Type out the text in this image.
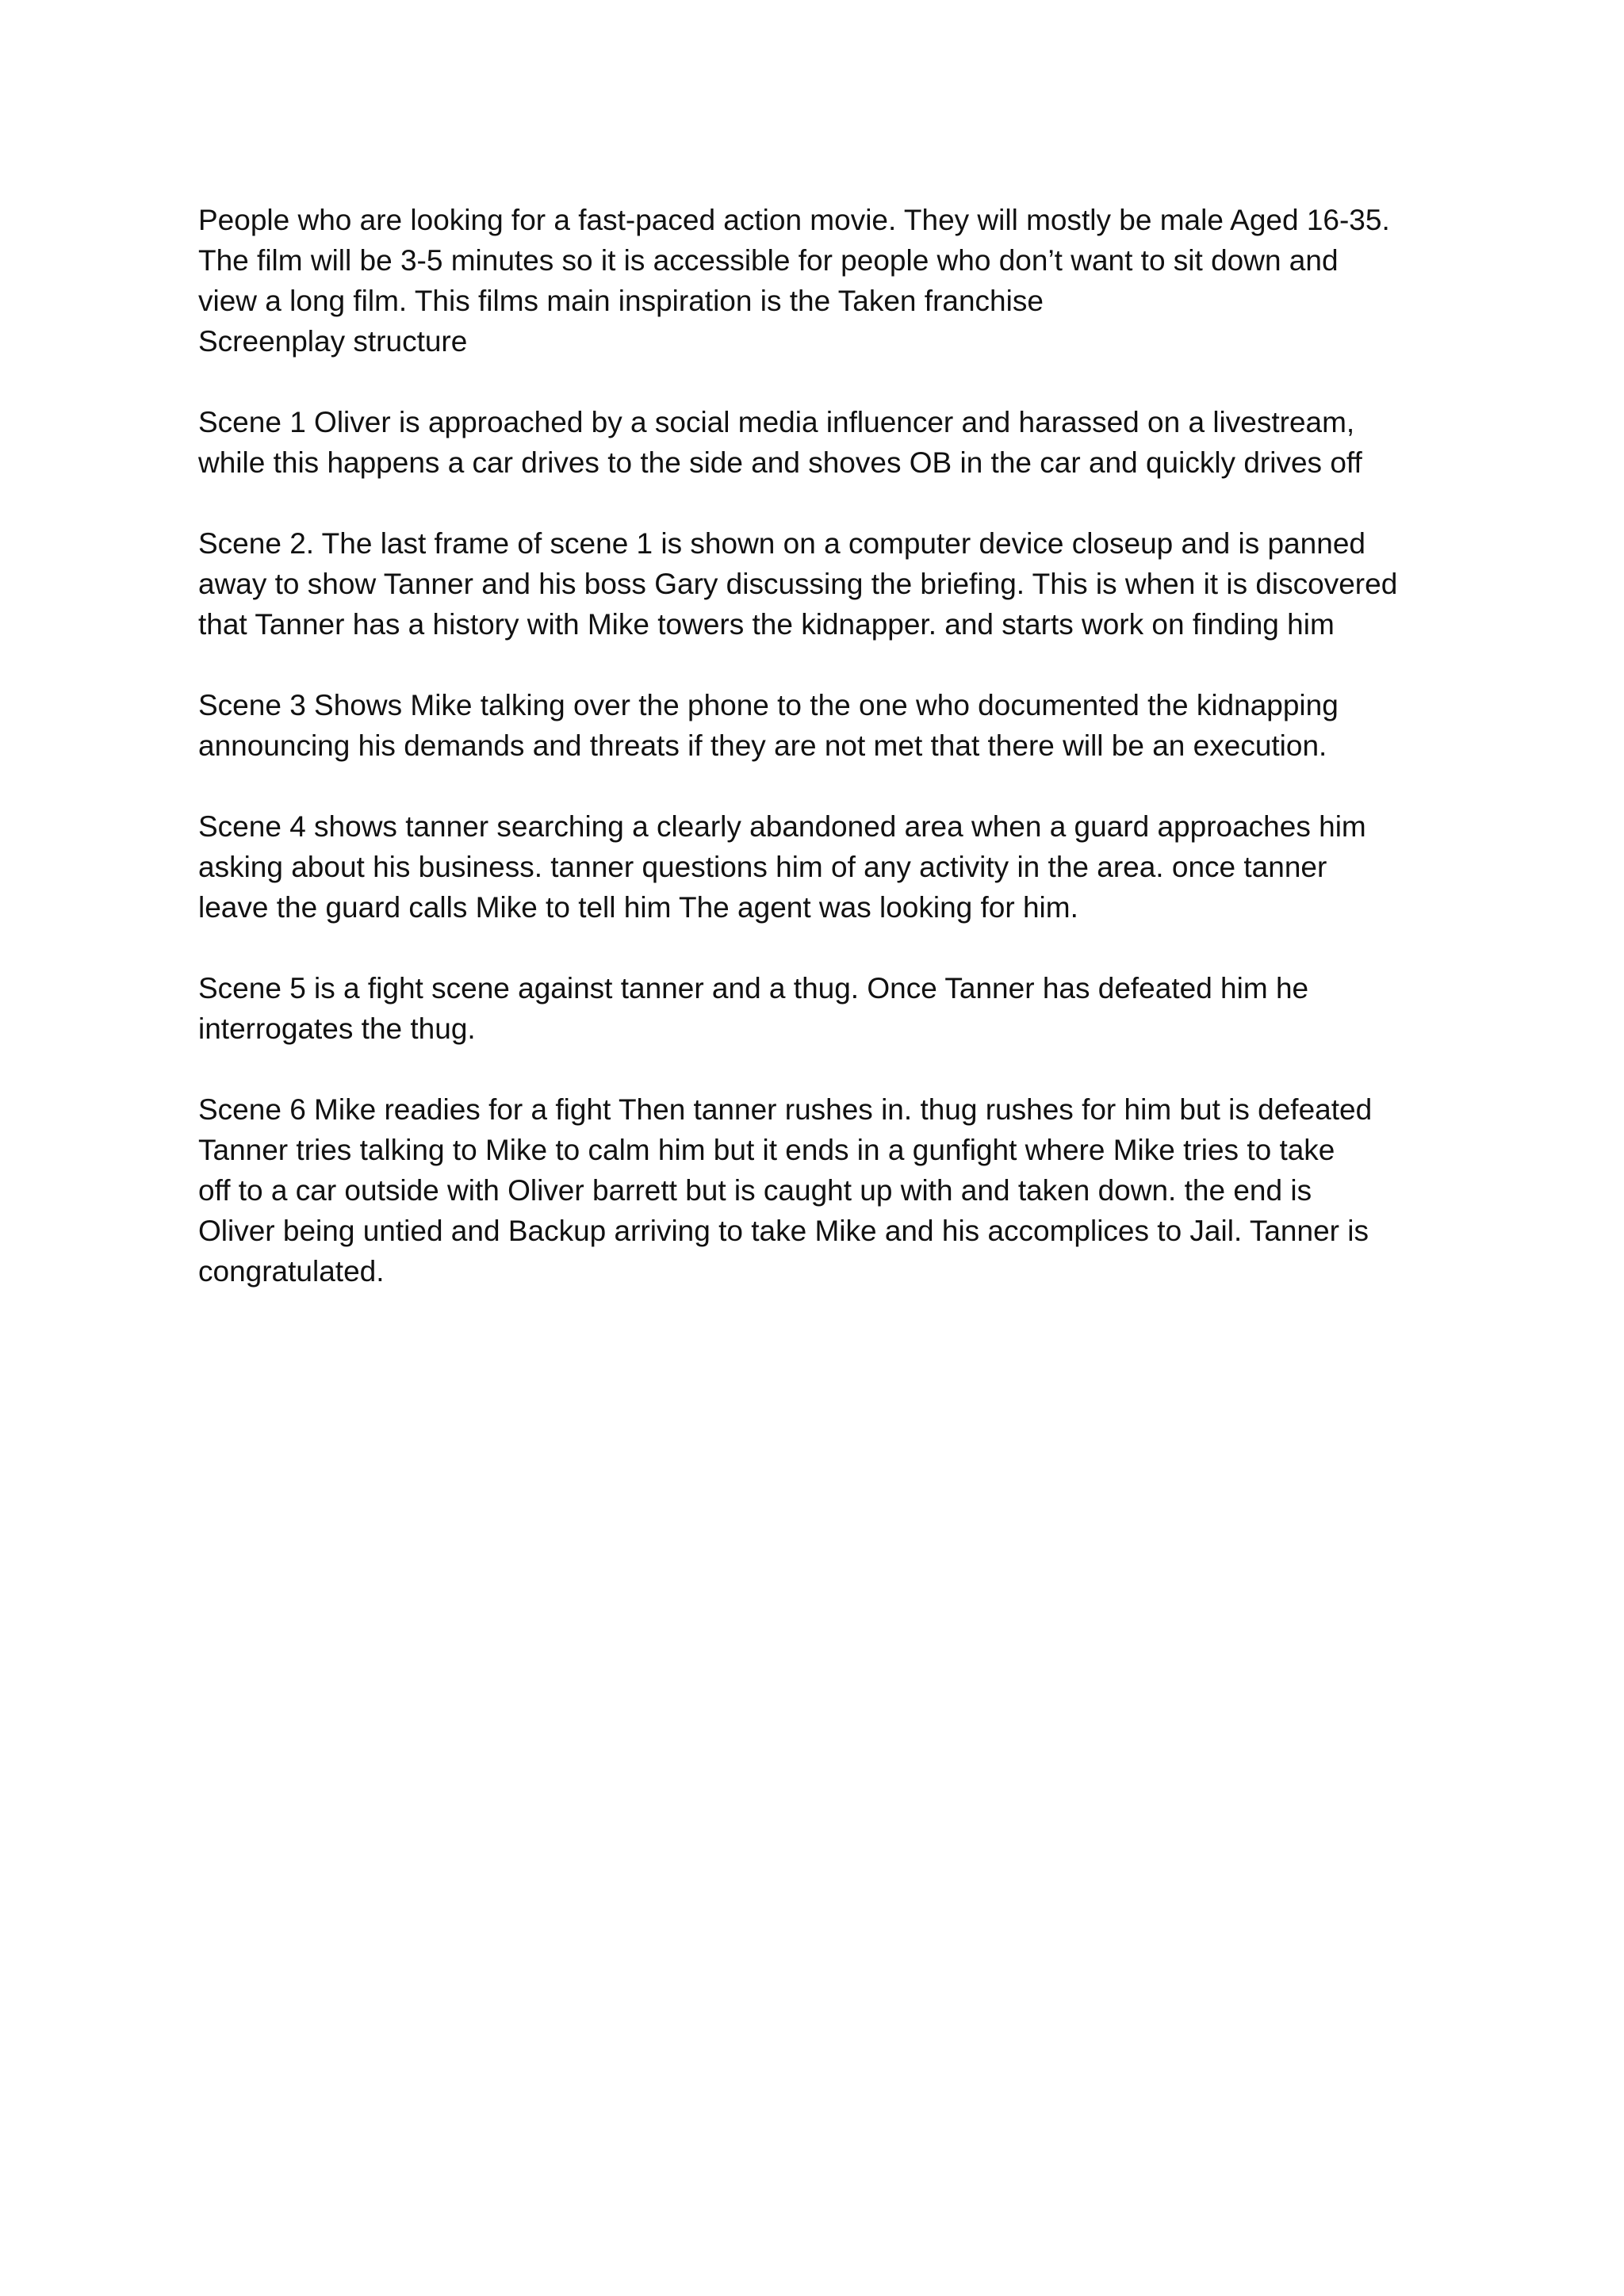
People who are looking for a fast-paced action movie. They will mostly be male Aged 16-35.
The film will be 3-5 minutes so it is accessible for people who don’t want to sit down and
view a long film. This films main inspiration is the Taken franchise
Screenplay structure
Scene 1 Oliver is approached by a social media influencer and harassed on a livestream,
while this happens a car drives to the side and shoves OB in the car and quickly drives off
Scene 2. The last frame of scene 1 is shown on a computer device closeup and is panned
away to show Tanner and his boss Gary discussing the briefing. This is when it is discovered
that Tanner has a history with Mike towers the kidnapper. and starts work on finding him
Scene 3 Shows Mike talking over the phone to the one who documented the kidnapping
announcing his demands and threats if they are not met that there will be an execution.
Scene 4 shows tanner searching a clearly abandoned area when a guard approaches him
asking about his business. tanner questions him of any activity in the area. once tanner
leave the guard calls Mike to tell him The agent was looking for him.
Scene 5 is a fight scene against tanner and a thug. Once Tanner has defeated him he
interrogates the thug.
Scene 6 Mike readies for a fight Then tanner rushes in. thug rushes for him but is defeated
Tanner tries talking to Mike to calm him but it ends in a gunfight where Mike tries to take
off to a car outside with Oliver barrett but is caught up with and taken down. the end is
Oliver being untied and Backup arriving to take Mike and his accomplices to Jail. Tanner is
congratulated.
